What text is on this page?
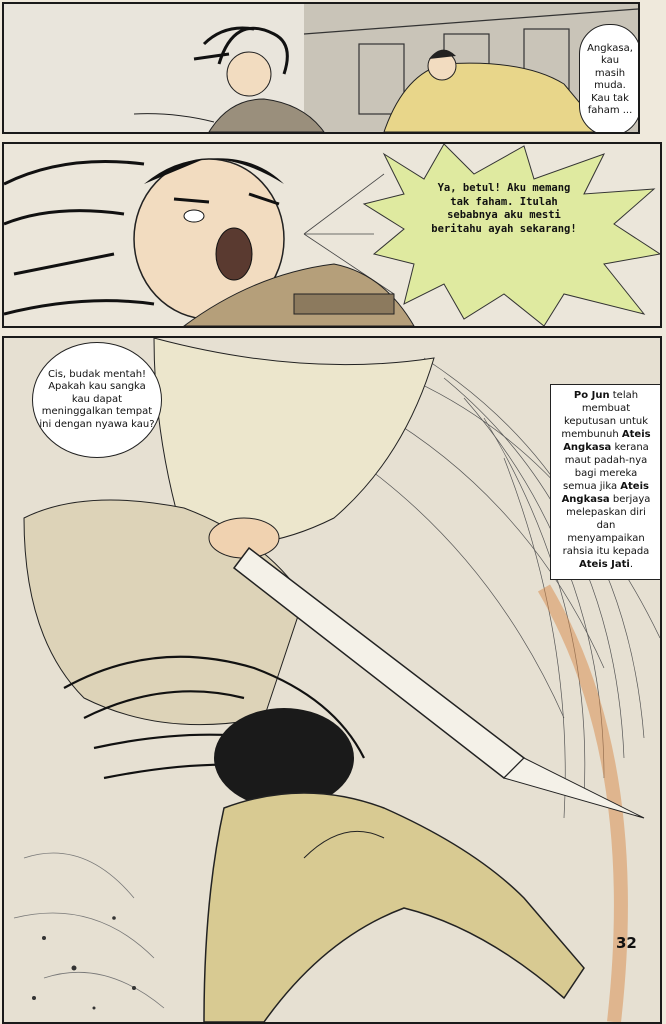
Angkasa, kau masih muda. Kau tak faham ...
Ya, betul! Aku memang tak faham. Itulah sebabnya aku mesti beritahu ayah sekarang!
Cis, budak mentah! Apakah kau sangka kau dapat meninggalkan tempat ini dengan nyawa kau?
Po Jun telah membuat keputusan untuk membunuh Ateis Angkasa kerana maut padah-nya bagi mereka semua jika Ateis Angkasa berjaya melepaskan diri dan menyampaikan rahsia itu kepada Ateis Jati.
32
